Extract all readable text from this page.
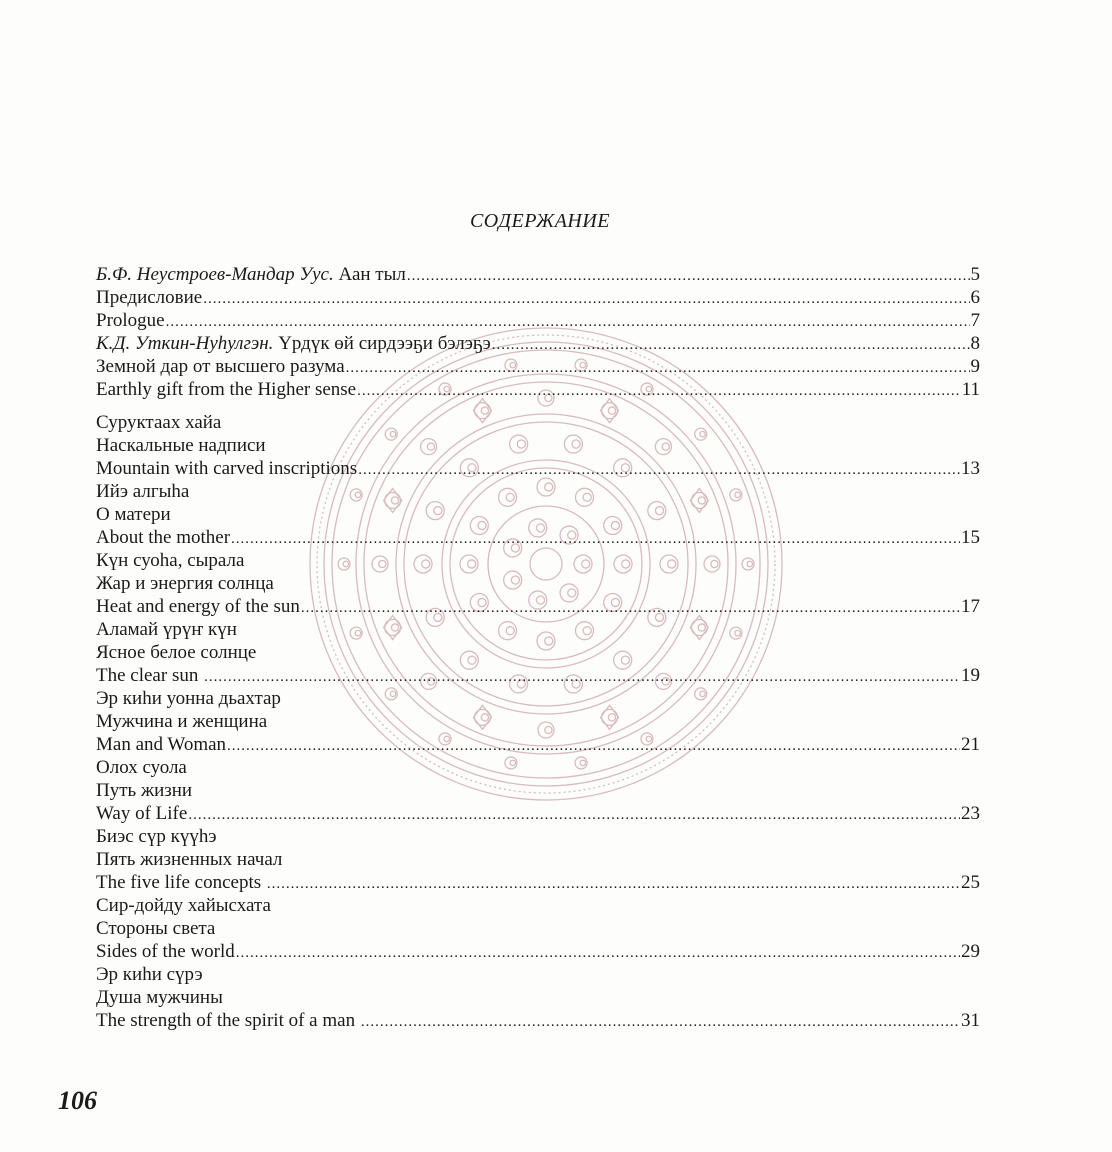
СОДЕРЖАНИЕ
Б.Ф. Неустроев-Мандар Уус. Аан тыл .....	5
Предисловие .....	6
Prologue .....	7
К.Д. Уткин-Нуһулгэн. Үрдүк өй сирдээҕи бэлэҕэ .....	8
Земной дар от высшего разума .....	9
Earthly gift from the Higher sense .....	11
Суруктаах хайа
Наскальные надписи
Mountain with carved inscriptions .....	13
Ийэ алгыһа
О матери
About the mother .....	15
Күн суоһа, сырала
Жар и энергия солнца
Heat and energy of the sun .....	17
Аламай үрүҥ күн
Ясное белое солнце
The clear sun .....	19
Эр киһи уонна дьахтар
Мужчина и женщина
Man and Woman .....	21
Олох суола
Путь жизни
Way of Life .....	23
Биэс сүр күүһэ
Пять жизненных начал
The five life concepts .....	25
Сир-дойду хайысхата
Стороны света
Sides of the world .....	29
Эр киһи сүрэ
Душа мужчины
The strength of the spirit of a man .....	31
106
